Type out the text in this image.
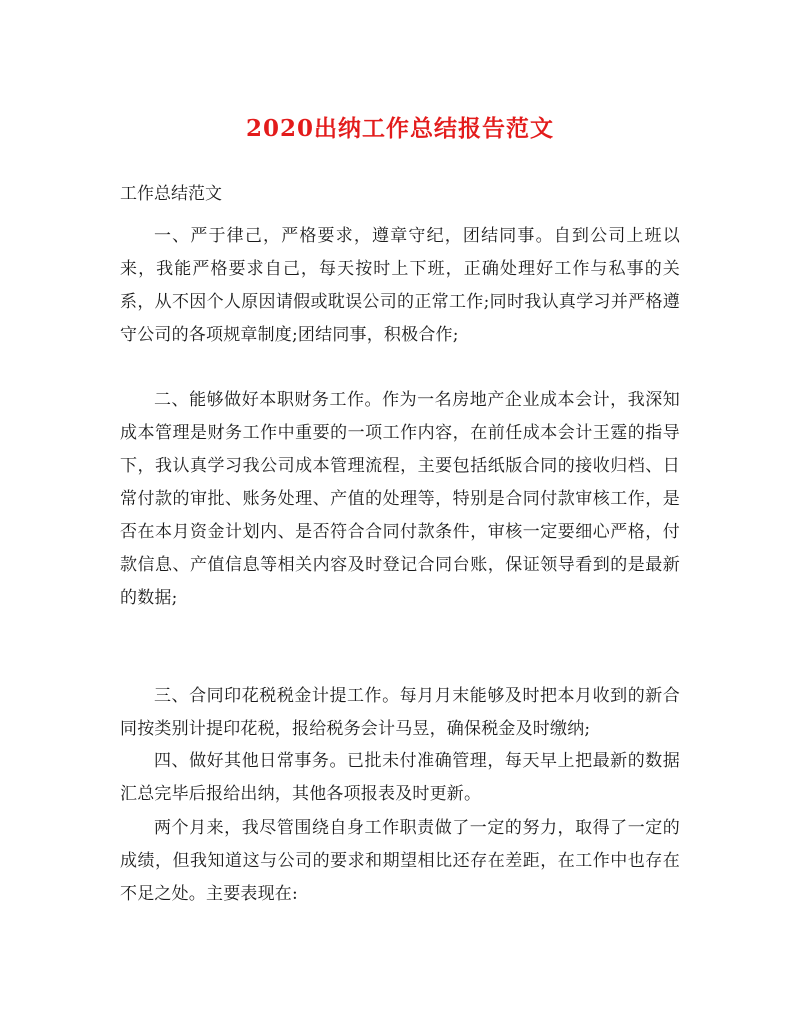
2020出纳工作总结报告范文
工作总结范文

一、严于律己，严格要求，遵章守纪，团结同事。自到公司上班以来，我能严格要求自己，每天按时上下班，正确处理好工作与私事的关系，从不因个人原因请假或耽误公司的正常工作;同时我认真学习并严格遵守公司的各项规章制度;团结同事，积极合作;

二、能够做好本职财务工作。作为一名房地产企业成本会计，我深知成本管理是财务工作中重要的一项工作内容，在前任成本会计王霆的指导下，我认真学习我公司成本管理流程，主要包括纸版合同的接收归档、日常付款的审批、账务处理、产值的处理等，特别是合同付款审核工作，是否在本月资金计划内、是否符合合同付款条件，审核一定要细心严格，付款信息、产值信息等相关内容及时登记合同台账，保证领导看到的是最新的数据;

三、合同印花税税金计提工作。每月月末能够及时把本月收到的新合同按类别计提印花税，报给税务会计马昱，确保税金及时缴纳;

四、做好其他日常事务。已批未付准确管理，每天早上把最新的数据汇总完毕后报给出纳，其他各项报表及时更新。

两个月来，我尽管围绕自身工作职责做了一定的努力，取得了一定的成绩，但我知道这与公司的要求和期望相比还存在差距，在工作中也存在不足之处。主要表现在:
